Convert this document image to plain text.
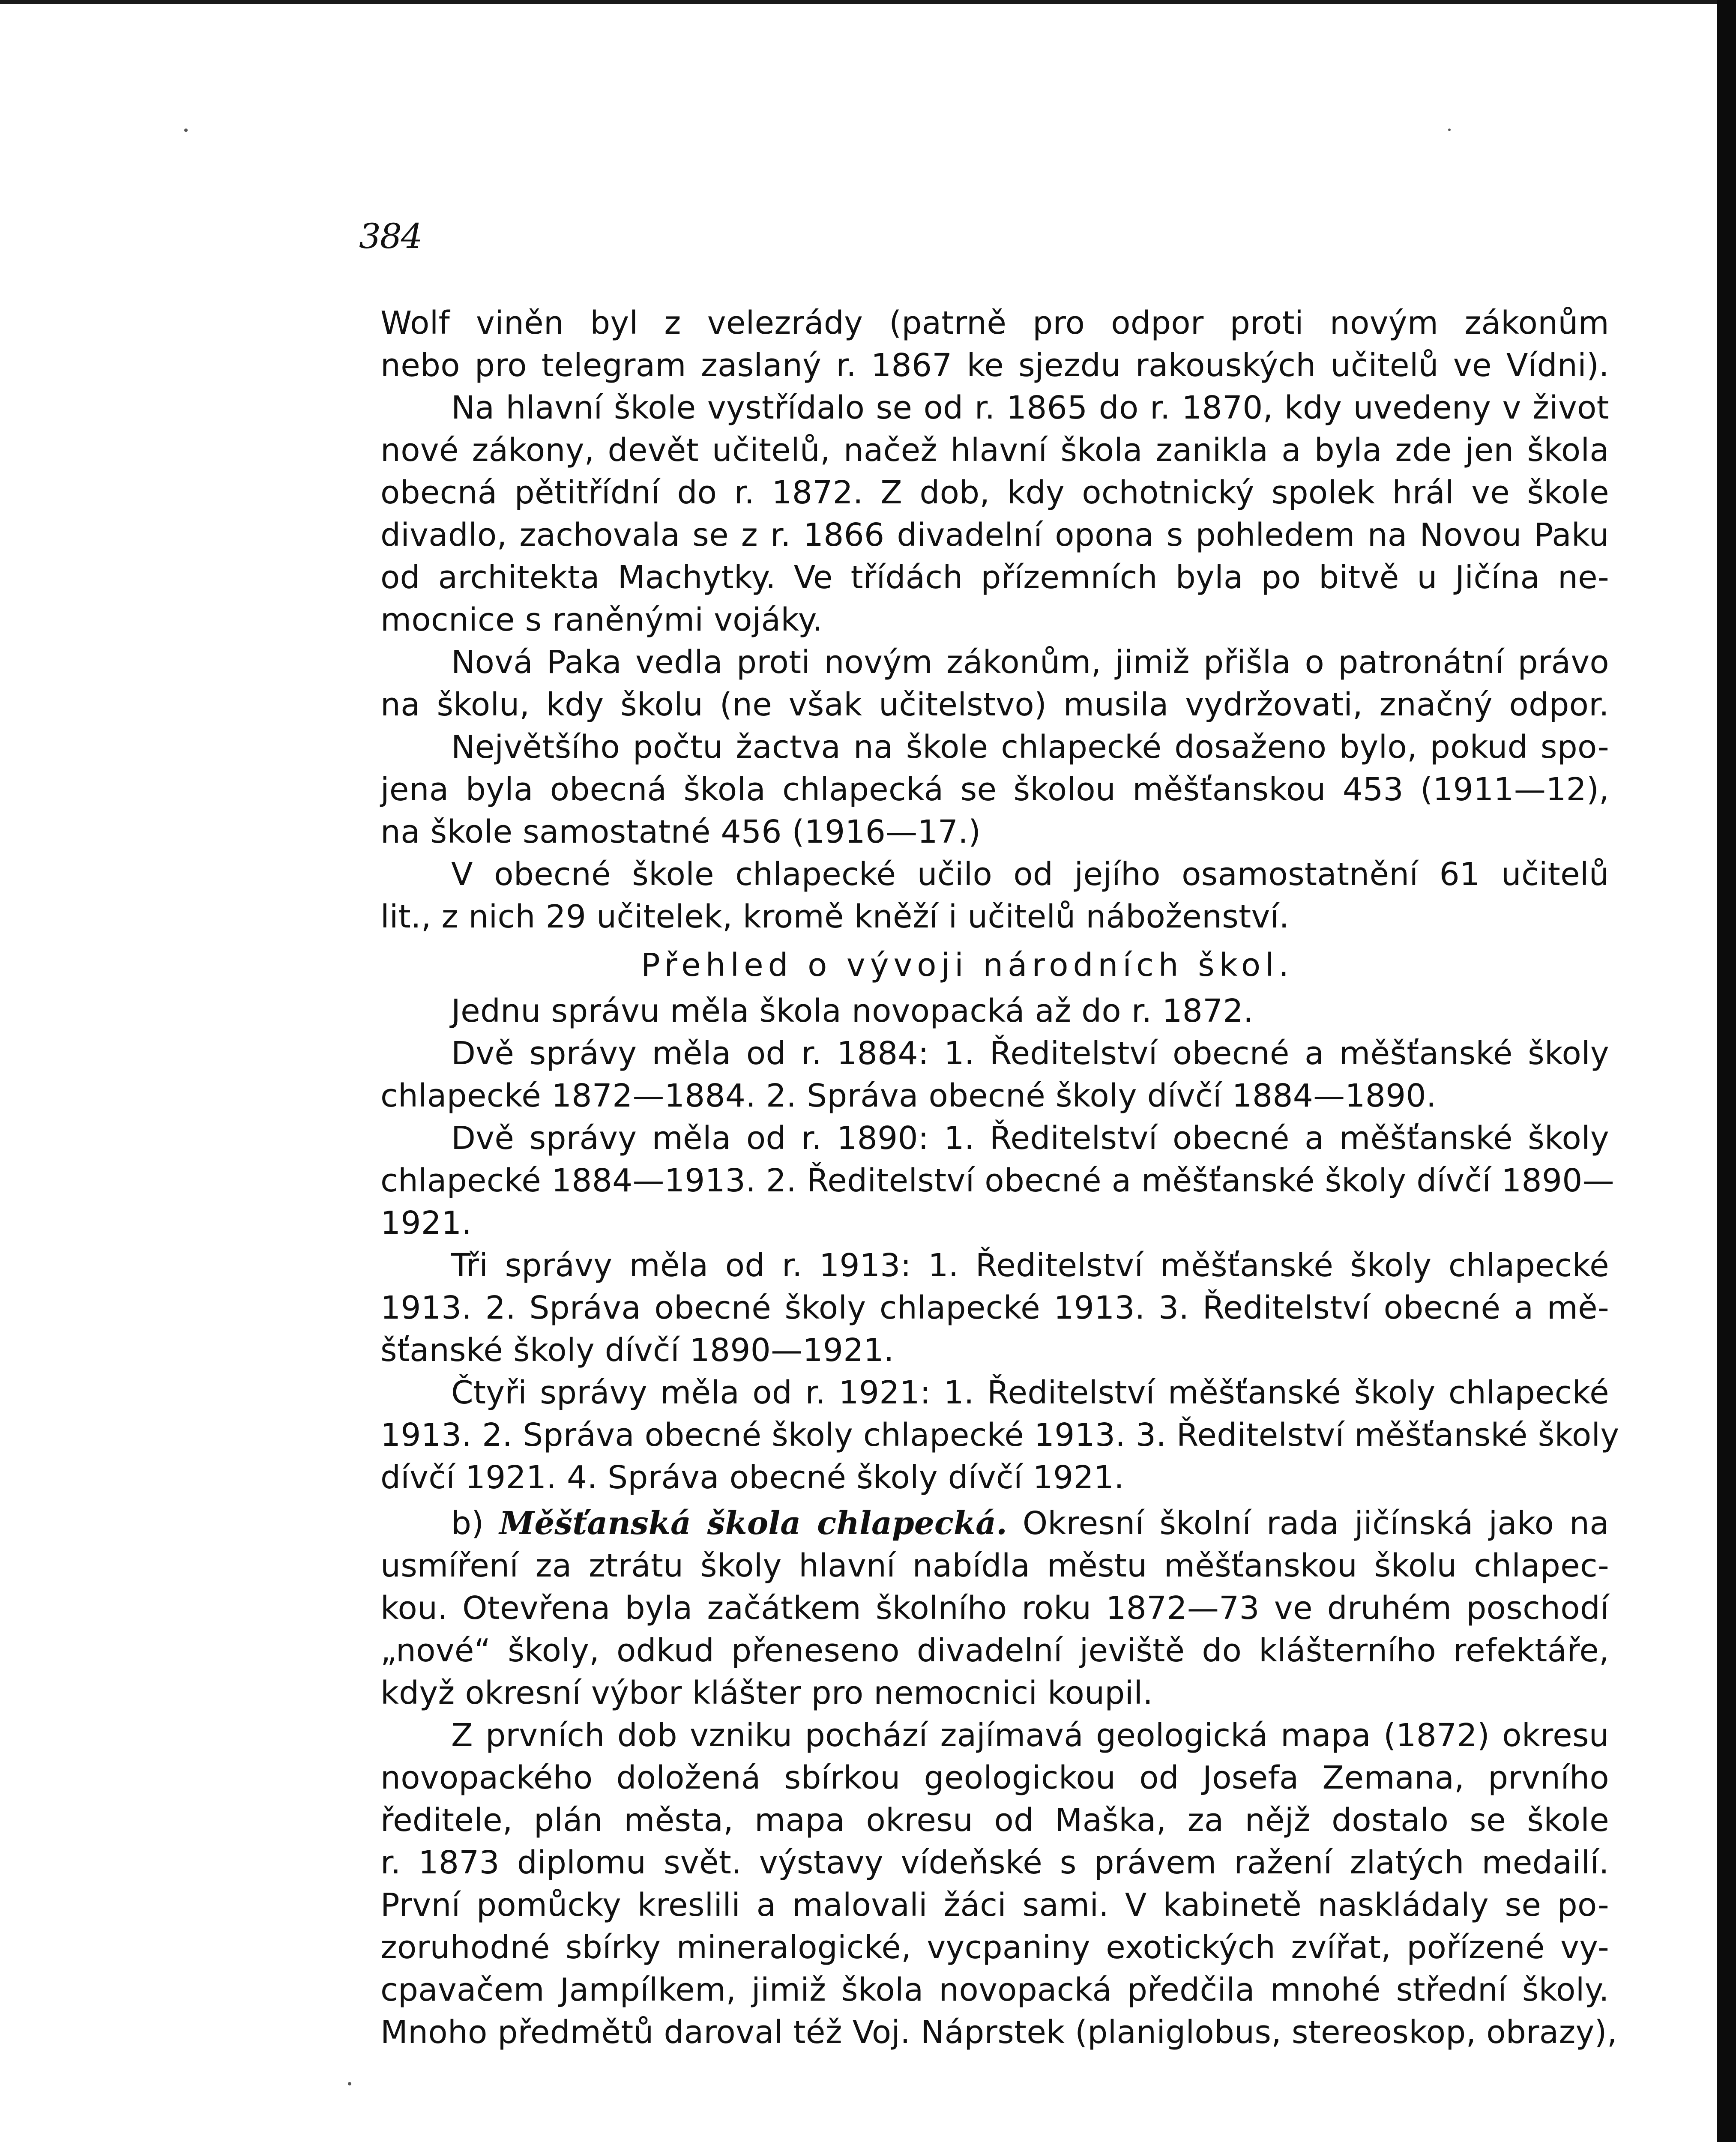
384
Wolf viněn byl z velezrády (patrně pro odpor proti novým zákonům
nebo pro telegram zaslaný r. 1867 ke sjezdu rakouských učitelů ve Vídni).
Na hlavní škole vystřídalo se od r. 1865 do r. 1870, kdy uvedeny v život
nové zákony, devět učitelů, načež hlavní škola zanikla a byla zde jen škola
obecná pětitřídní do r. 1872. Z dob, kdy ochotnický spolek hrál ve škole
divadlo, zachovala se z r. 1866 divadelní opona s pohledem na Novou Paku
od architekta Machytky. Ve třídách přízemních byla po bitvě u Jičína ne-
mocnice s raněnými vojáky.
Nová Paka vedla proti novým zákonům, jimiž přišla o patronátní právo
na školu, kdy školu (ne však učitelstvo) musila vydržovati, značný odpor.
Největšího počtu žactva na škole chlapecké dosaženo bylo, pokud spo-
jena byla obecná škola chlapecká se školou měšťanskou 453 (1911—12),
na škole samostatné 456 (1916—17.)
V obecné škole chlapecké učilo od jejího osamostatnění 61 učitelů
lit., z nich 29 učitelek, kromě kněží i učitelů náboženství.
Přehled o vývoji národních škol.
Jednu správu měla škola novopacká až do r. 1872.
Dvě správy měla od r. 1884: 1. Ředitelství obecné a měšťanské školy
chlapecké 1872—1884. 2. Správa obecné školy dívčí 1884—1890.
Dvě správy měla od r. 1890: 1. Ředitelství obecné a měšťanské školy
chlapecké 1884—1913. 2. Ředitelství obecné a měšťanské školy dívčí 1890—
1921.
Tři správy měla od r. 1913: 1. Ředitelství měšťanské školy chlapecké
1913. 2. Správa obecné školy chlapecké 1913. 3. Ředitelství obecné a mě-
šťanské školy dívčí 1890—1921.
Čtyři správy měla od r. 1921: 1. Ředitelství měšťanské školy chlapecké
1913. 2. Správa obecné školy chlapecké 1913. 3. Ředitelství měšťanské školy
dívčí 1921. 4. Správa obecné školy dívčí 1921.
b) Měšťanská škola chlapecká. Okresní školní rada jičínská jako na
usmíření za ztrátu školy hlavní nabídla městu měšťanskou školu chlapec-
kou. Otevřena byla začátkem školního roku 1872—73 ve druhém poschodí
„nové“ školy, odkud přeneseno divadelní jeviště do klášterního refektáře,
když okresní výbor klášter pro nemocnici koupil.
Z prvních dob vzniku pochází zajímavá geologická mapa (1872) okresu
novopackého doložená sbírkou geologickou od Josefa Zemana, prvního
ředitele, plán města, mapa okresu od Maška, za nějž dostalo se škole
r. 1873 diplomu svět. výstavy vídeňské s právem ražení zlatých medailí.
První pomůcky kreslili a malovali žáci sami. V kabinetě naskládaly se po-
zoruhodné sbírky mineralogické, vycpaniny exotických zvířat, pořízené vy-
cpavačem Jampílkem, jimiž škola novopacká předčila mnohé střední školy.
Mnoho předmětů daroval též Voj. Náprstek (planiglobus, stereoskop, obrazy),
